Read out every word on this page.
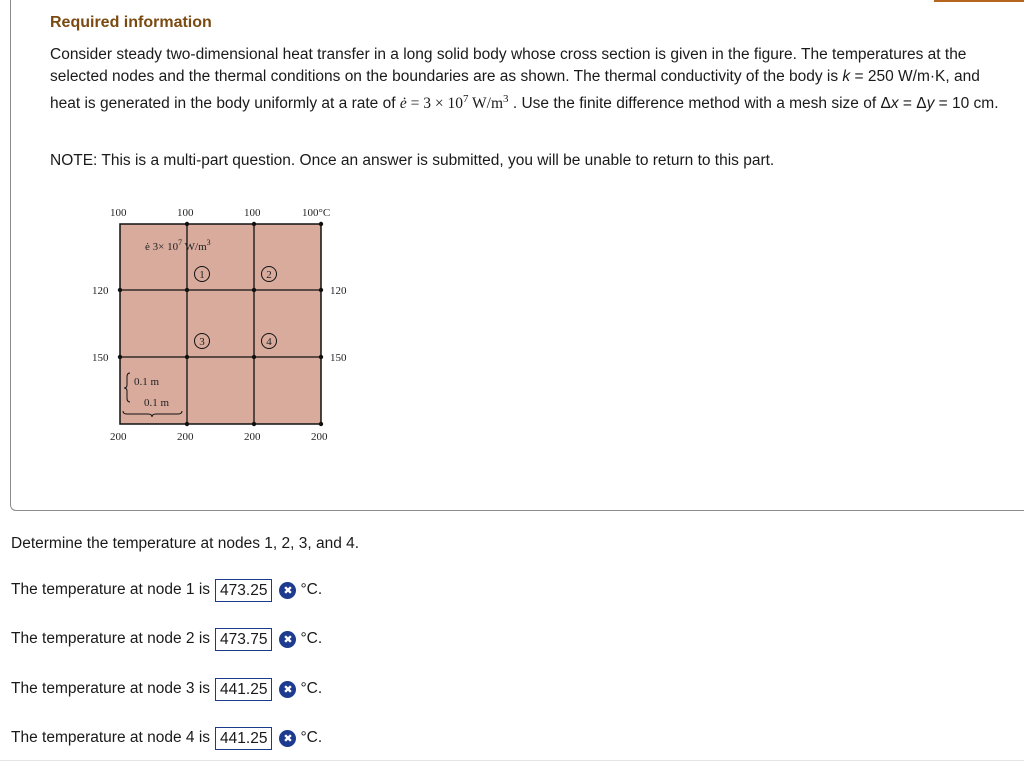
Required information

Consider steady two-dimensional heat transfer in a long solid body whose cross section is given in the figure. The temperatures at the selected nodes and the thermal conditions on the boundaries are as shown. The thermal conductivity of the body is k = 250 W/m·K, and heat is generated in the body uniformly at a rate of ė = $3 \times 10^7$ $W/m^3$ . Use the finite difference method with a mesh size of Δx = Δy = 10 cm.

NOTE: This is a multi-part question. Once an answer is submitted, you will be unable to return to this part.

100	100	100	100°C
120
150
120
150
200	200	200	200
ė $3\times 10^7$ $W/m^3$
1	2
3	4
0.1 m
0.1 m

Determine the temperature at nodes 1, 2, 3, and 4.

The temperature at node 1 is 473.25	✖ °C.
The temperature at node 2 is 473.75	✖ °C.
The temperature at node 3 is 441.25	✖ °C.
The temperature at node 4 is 441.25	✖ °C.
